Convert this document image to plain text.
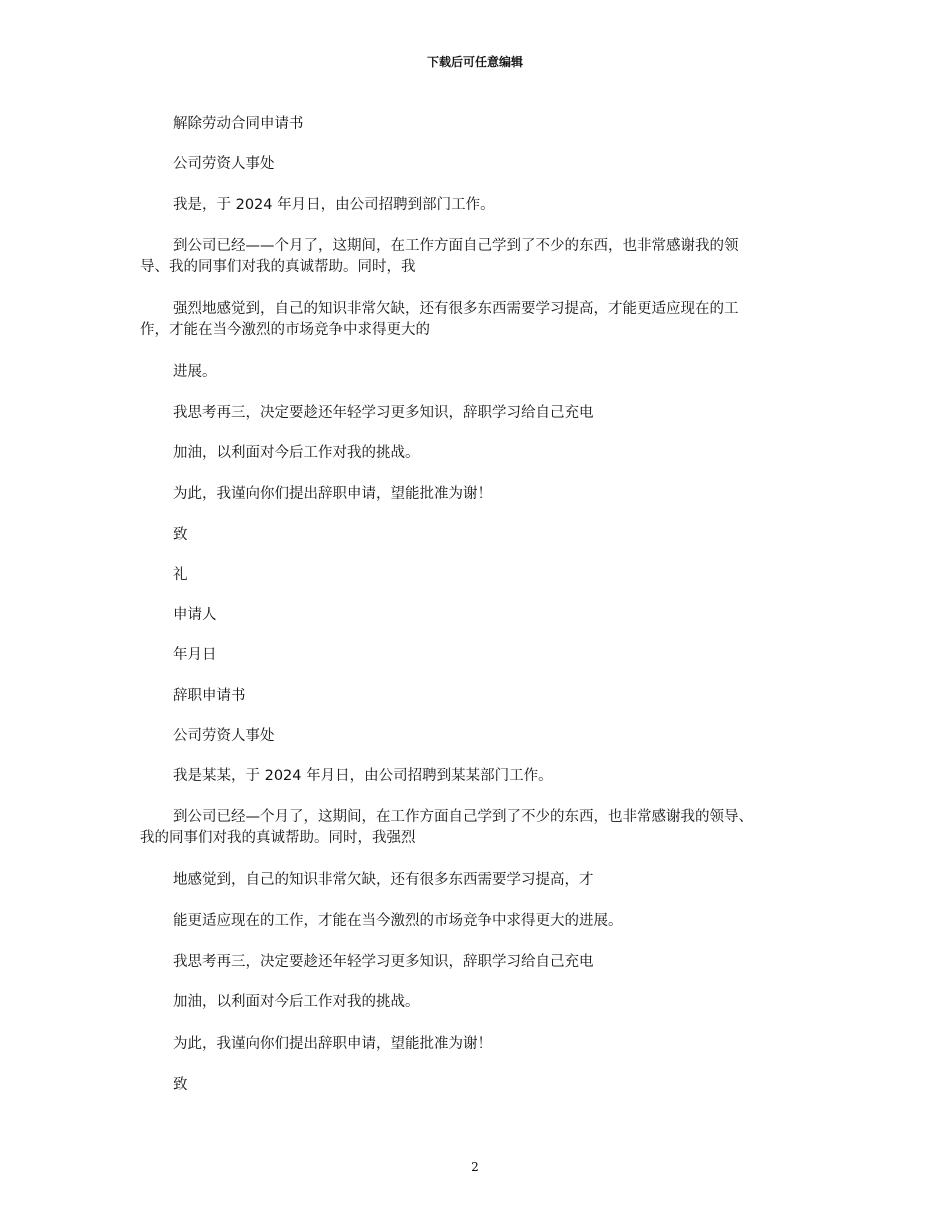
下载后可任意编辑
解除劳动合同申请书
公司劳资人事处
我是，于 2024 年月日，由公司招聘到部门工作。
到公司已经——个月了，这期间，在工作方面自己学到了不少的东西，也非常感谢我的领
导、我的同事们对我的真诚帮助。同时，我
强烈地感觉到，自己的知识非常欠缺，还有很多东西需要学习提高，才能更适应现在的工
作，才能在当今激烈的市场竞争中求得更大的
进展。
我思考再三，决定要趁还年轻学习更多知识，辞职学习给自己充电
加油，以利面对今后工作对我的挑战。
为此，我谨向你们提出辞职申请，望能批准为谢！
致
礼
申请人
年月日
辞职申请书
公司劳资人事处
我是某某，于 2024 年月日，由公司招聘到某某部门工作。
到公司已经—个月了，这期间，在工作方面自己学到了不少的东西，也非常感谢我的领导、
我的同事们对我的真诚帮助。同时，我强烈
地感觉到，自己的知识非常欠缺，还有很多东西需要学习提高，才
能更适应现在的工作，才能在当今激烈的市场竞争中求得更大的进展。
我思考再三，决定要趁还年轻学习更多知识，辞职学习给自己充电
加油，以利面对今后工作对我的挑战。
为此，我谨向你们提出辞职申请，望能批准为谢！
致
2
